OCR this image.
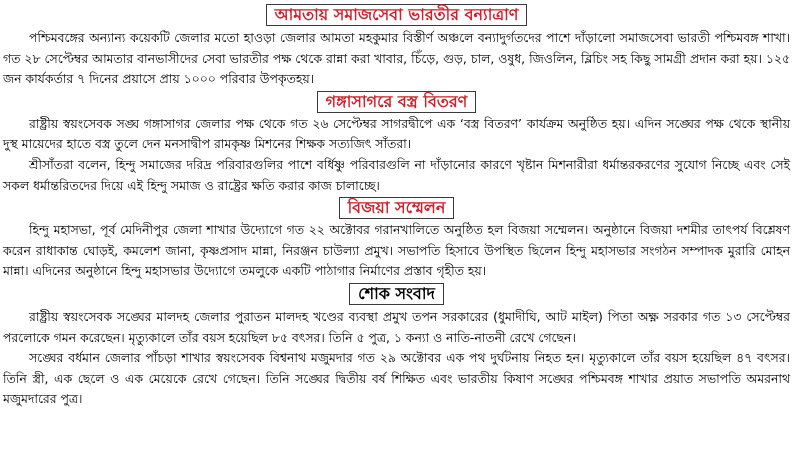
আমতায় সমাজসেবা ভারতীর বন্যাত্রাণ

পশ্চিমবঙ্গের অন্যান্য কয়েকটি জেলার মতো হাওড়া জেলার আমতা মহকুমার বিস্তীর্ণ অঞ্চলে বন্যাদুর্গতদের পাশে দাঁড়ালো সমাজসেবা ভারতী পশ্চিমবঙ্গ শাখা। গত ২৮ সেপ্টেম্বর আমতার বানভাসীদের সেবা ভারতীর পক্ষ থেকে রান্না করা খাবার, চিঁড়ে, গুড়, চাল, ওষুধ, জিওলিন, ব্লিচিং সহ কিছু সামগ্রী প্রদান করা হয়। ১২৫ জন কার্যকর্তার ৭ দিনের প্রয়াসে প্রায় ১০০০ পরিবার উপকৃতহয়।

গঙ্গাসাগরে বস্ত্র বিতরণ

রাষ্ট্রীয় স্বয়ংসেবক সঙ্ঘ গঙ্গাসাগর জেলার পক্ষ থেকে গত ২৬ সেপ্টেম্বর সাগরদ্বীপে এক ‘বস্ত্র বিতরণ’ কার্যক্রম অনুষ্ঠিত হয়। এদিন সঙ্ঘের পক্ষ থেকে স্থানীয় দুস্থ মায়েদের হাতে বস্ত্র তুলে দেন মনসাদ্বীপ রামকৃষ্ণ মিশনের শিক্ষক সত্যজিৎ সাঁতরা।

শ্রীসাঁতরা বলেন, হিন্দু সমাজের দরিদ্র পরিবারগুলির পাশে বর্ধিষ্ণু পরিবারগুলি না দাঁড়ানোর কারণে খৃষ্টান মিশনারীরা ধর্মান্তরকরণের সুযোগ নিচ্ছে এবং সেই সকল ধর্মান্তরিতদের দিয়ে এই হিন্দু সমাজ ও রাষ্ট্রের ক্ষতি করার কাজ চালাচ্ছে।

বিজয়া সম্মেলন

হিন্দু মহাসভা, পূর্ব মেদিনীপুর জেলা শাখার উদ্যোগে গত ২২ অক্টোবর গরানখালিতে অনুষ্ঠিত হল বিজয়া সম্মেলন। অনুষ্ঠানে বিজয়া দশমীর তাৎপর্য বিশ্লেষণ করেন রাধাকান্ত ঘোড়ই, কমলেশ জানা, কৃষ্ণপ্রসাদ মান্না, নিরঞ্জন চাউল্যা প্রমুখ। সভাপতি হিসাবে উপস্থিত ছিলেন হিন্দু মহাসভার সংগঠন সম্পাদক মুরারি মোহন মান্না। এদিনের অনুষ্ঠানে হিন্দু মহাসভার উদ্যোগে তমলুকে একটি পাঠাগার নির্মাণের প্রস্তাব গৃহীত হয়।

শোক সংবাদ

রাষ্ট্রীয় স্বয়ংসেবক সঙ্ঘের মালদহ জেলার পুরাতন মালদহ খণ্ডের ব্যবস্থা প্রমুখ তপন সরকারের (ধুমাদীঘি, আট মাইল) পিতা অক্ষ্ণ সরকার গত ১৩ সেপ্টেম্বর পরলোকে গমন করেছেন। মৃত্যুকালে তাঁর বয়স হয়েছিল ৮৫ বৎসর। তিনি ৫ পুত্র, ১ কন্যা ও নাতি-নাতনী রেখে গেছেন।

সঙ্ঘের বর্ধমান জেলার পাঁচড়া শাখার স্বয়ংসেবক বিশ্বনাথ মজুমদার গত ২৯ অক্টোবর এক পথ দুর্ঘটনায় নিহত হন। মৃত্যুকালে তাঁর বয়স হয়েছিল ৪৭ বৎসর। তিনি স্ত্রী, এক ছেলে ও এক মেয়েকে রেখে গেছেন। তিনি সঙ্ঘের দ্বিতীয় বর্ষ শিক্ষিত এবং ভারতীয় কিষাণ সঙ্ঘের পশ্চিমবঙ্গ শাখার প্রয়াত সভাপতি অমরনাথ মজুমদারের পুত্র।
